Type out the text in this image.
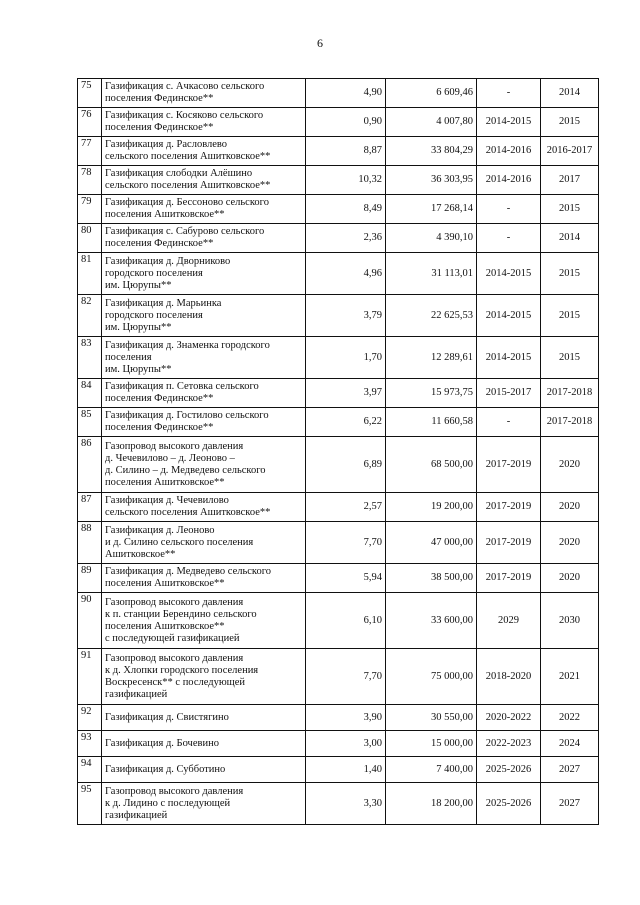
6
75	Газификация с. Ачкасово сельского
поселения Фединское**	4,90	6 609,46	-	2014
76	Газификация с. Косяково сельского
поселения Фединское**	0,90	4 007,80	2014-2015	2015
77	Газификация д. Расловлево
сельского поселения Ашитковское**	8,87	33 804,29	2014-2016	2016-2017
78	Газификация слободки Алёшино
сельского поселения Ашитковское**	10,32	36 303,95	2014-2016	2017
79	Газификация д. Бессоново сельского
поселения Ашитковское**	8,49	17 268,14	-	2015
80	Газификация с. Сабурово сельского
поселения Фединское**	2,36	4 390,10	-	2014
81	Газификация д. Дворниково
городского поселения
им. Цюрупы**	4,96	31 113,01	2014-2015	2015
82	Газификация д. Марьинка
городского поселения
им. Цюрупы**	3,79	22 625,53	2014-2015	2015
83	Газификация д. Знаменка городского
поселения
им. Цюрупы**	1,70	12 289,61	2014-2015	2015
84	Газификация п. Сетовка сельского
поселения Фединское**	3,97	15 973,75	2015-2017	2017-2018
85	Газификация д. Гостилово сельского
поселения Фединское**	6,22	11 660,58	-	2017-2018
86	Газопровод высокого давления
д. Чечевилово – д. Леоново –
д. Силино – д. Медведево сельского
поселения Ашитковское**	6,89	68 500,00	2017-2019	2020
87	Газификация д. Чечевилово
сельского поселения Ашитковское**	2,57	19 200,00	2017-2019	2020
88	Газификация д. Леоново
и д. Силино сельского поселения
Ашитковское**	7,70	47 000,00	2017-2019	2020
89	Газификация д. Медведево сельского
поселения Ашитковское**	5,94	38 500,00	2017-2019	2020
90	Газопровод высокого давления
к п. станции Берендино сельского
поселения Ашитковское**
с последующей газификацией	6,10	33 600,00	2029	2030
91	Газопровод высокого давления
к д. Хлопки городского поселения
Воскресенск** с последующей
газификацией	7,70	75 000,00	2018-2020	2021
92	Газификация д. Свистягино	3,90	30 550,00	2020-2022	2022
93	Газификация д. Бочевино	3,00	15 000,00	2022-2023	2024
94	Газификация д. Субботино	1,40	7 400,00	2025-2026	2027
95	Газопровод высокого давления
к д. Лидино с последующей
газификацией	3,30	18 200,00	2025-2026	2027
